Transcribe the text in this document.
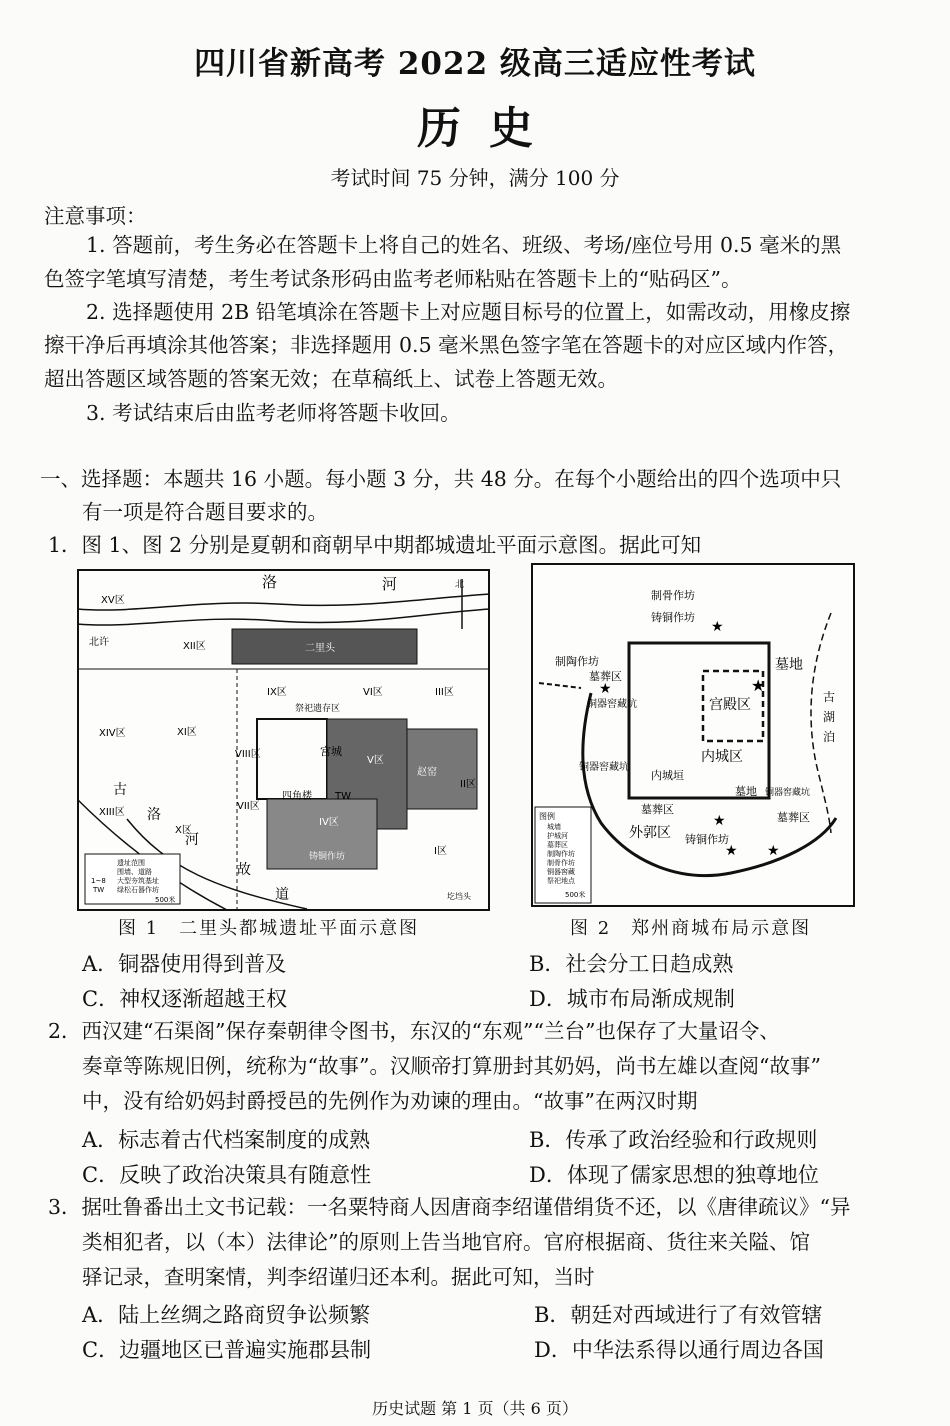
四川省新高考 2022 级高三适应性考试
历史
考试时间 75 分钟，满分 100 分
注意事项：
1. 答题前，考生务必在答题卡上将自己的姓名、班级、考场/座位号用 0.5 毫米的黑
色签字笔填写清楚，考生考试条形码由监考老师粘贴在答题卡上的“贴码区”。
2. 选择题使用 2B 铅笔填涂在答题卡上对应题目标号的位置上，如需改动，用橡皮擦
擦干净后再填涂其他答案；非选择题用 0.5 毫米黑色签字笔在答题卡的对应区域内作答，
超出答题区域答题的答案无效；在草稿纸上、试卷上答题无效。
3. 考试结束后由监考老师将答题卡收回。
一、选择题：本题共 16 小题。每小题 3 分，共 48 分。在每个小题给出的四个选项中只
有一项是符合题目要求的。
1．图 1、图 2 分别是夏朝和商朝早中期都城遗址平面示意图。据此可知
洛	河	北
XV区
北许	XII区	二里头
IX区	VI区	III区
祭祀遗存区
XIV区	XI区
VIII区	宫城
V区
赵窑
II区
XIII区
VII区
四角楼 TW
IV区
X区
铸铜作坊	I区
古
洛
河
故
道	圪垱头
遗址范围
围墙、道路
大型夯筑基址
绿松石器作坊
1~8
TW
500米
图 1　二里头都城遗址平面示意图
制骨作坊
铸铜作坊
★
制陶作坊
墓葬区
★
铜器窖藏坑	宫殿区
墓地
★
古
湖
泊
内城区
铜器窖藏坑
内城垣
墓地 铜器窖藏坑
墓葬区
墓葬区
外郭区
★
铸铜作坊
★ ★
图例
城墙
护城河
墓葬区
制陶作坊
制骨作坊
铜器窖藏
祭祀地点
500米
图 2　郑州商城布局示意图
A．铜器使用得到普及	B．社会分工日趋成熟
C．神权逐渐超越王权	D．城市布局渐成规制
2．西汉建“石渠阁”保存秦朝律令图书，东汉的“东观”“兰台”也保存了大量诏令、
奏章等陈规旧例，统称为“故事”。汉顺帝打算册封其奶妈，尚书左雄以查阅“故事”
中，没有给奶妈封爵授邑的先例作为劝谏的理由。“故事”在两汉时期
A．标志着古代档案制度的成熟	B．传承了政治经验和行政规则
C．反映了政治决策具有随意性	D．体现了儒家思想的独尊地位
3．据吐鲁番出土文书记载：一名粟特商人因唐商李绍谨借绢货不还，以《唐律疏议》“异
类相犯者，以（本）法律论”的原则上告当地官府。官府根据商、货往来关隘、馆
驿记录，查明案情，判李绍谨归还本利。据此可知，当时
A．陆上丝绸之路商贸争讼频繁	B．朝廷对西域进行了有效管辖
C．边疆地区已普遍实施郡县制	D．中华法系得以通行周边各国
历史试题 第 1 页（共 6 页）
